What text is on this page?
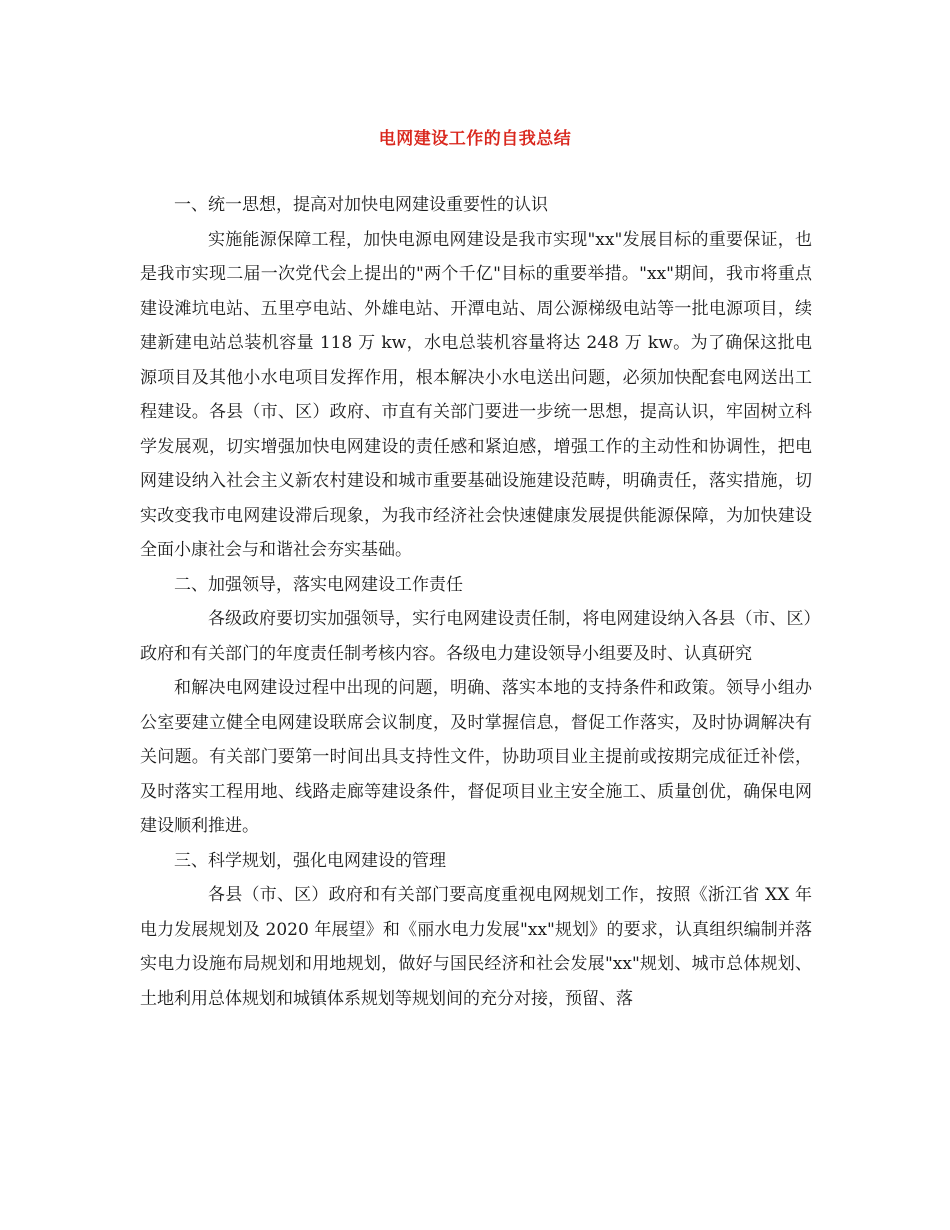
电网建设工作的自我总结

一、统一思想，提高对加快电网建设重要性的认识

实施能源保障工程，加快电源电网建设是我市实现"xx"发展目标的重要保证，也是我市实现二届一次党代会上提出的"两个千亿"目标的重要举措。"xx"期间，我市将重点建设滩坑电站、五里亭电站、外雄电站、开潭电站、周公源梯级电站等一批电源项目，续建新建电站总装机容量 118 万 kw，水电总装机容量将达 248 万 kw。为了确保这批电源项目及其他小水电项目发挥作用，根本解决小水电送出问题，必须加快配套电网送出工程建设。各县（市、区）政府、市直有关部门要进一步统一思想，提高认识，牢固树立科学发展观，切实增强加快电网建设的责任感和紧迫感，增强工作的主动性和协调性，把电网建设纳入社会主义新农村建设和城市重要基础设施建设范畴，明确责任，落实措施，切实改变我市电网建设滞后现象，为我市经济社会快速健康发展提供能源保障，为加快建设全面小康社会与和谐社会夯实基础。

二、加强领导，落实电网建设工作责任

各级政府要切实加强领导，实行电网建设责任制，将电网建设纳入各县（市、区）政府和有关部门的年度责任制考核内容。各级电力建设领导小组要及时、认真研究

和解决电网建设过程中出现的问题，明确、落实本地的支持条件和政策。领导小组办公室要建立健全电网建设联席会议制度，及时掌握信息，督促工作落实，及时协调解决有关问题。有关部门要第一时间出具支持性文件，协助项目业主提前或按期完成征迁补偿，及时落实工程用地、线路走廊等建设条件，督促项目业主安全施工、质量创优，确保电网建设顺利推进。

三、科学规划，强化电网建设的管理

各县（市、区）政府和有关部门要高度重视电网规划工作，按照《浙江省 XX 年电力发展规划及 2020 年展望》和《丽水电力发展"xx"规划》的要求，认真组织编制并落实电力设施布局规划和用地规划，做好与国民经济和社会发展"xx"规划、城市总体规划、土地利用总体规划和城镇体系规划等规划间的充分对接，预留、落
